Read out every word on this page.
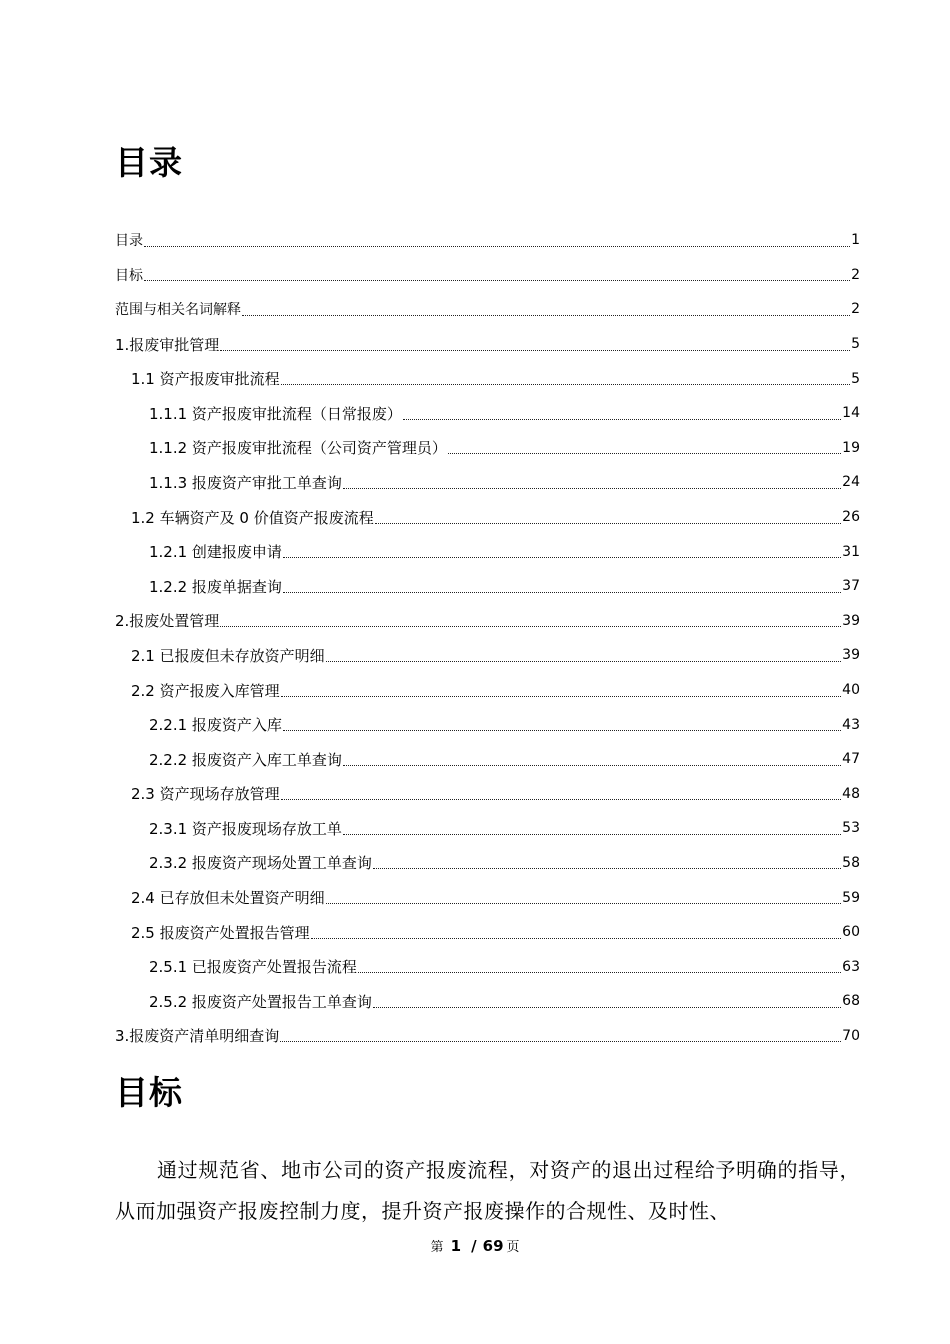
目录
目录	1
目标	2
范围与相关名词解释	2
1.报废审批管理	5
1.1 资产报废审批流程	5
1.1.1 资产报废审批流程（日常报废）	14
1.1.2 资产报废审批流程（公司资产管理员）	19
1.1.3 报废资产审批工单查询	24
1.2 车辆资产及 0 价值资产报废流程	26
1.2.1 创建报废申请	31
1.2.2 报废单据查询	37
2.报废处置管理	39
2.1 已报废但未存放资产明细	39
2.2 资产报废入库管理	40
2.2.1 报废资产入库	43
2.2.2 报废资产入库工单查询	47
2.3 资产现场存放管理	48
2.3.1 资产报废现场存放工单	53
2.3.2 报废资产现场处置工单查询	58
2.4 已存放但未处置资产明细	59
2.5 报废资产处置报告管理	60
2.5.1 已报废资产处置报告流程	63
2.5.2 报废资产处置报告工单查询	68
3.报废资产清单明细查询	70
目标

通过规范省、地市公司的资产报废流程，对资产的退出过程给予明确的指导，从而加强资产报废控制力度，提升资产报废操作的合规性、及时性、

第 1 / 69 页
